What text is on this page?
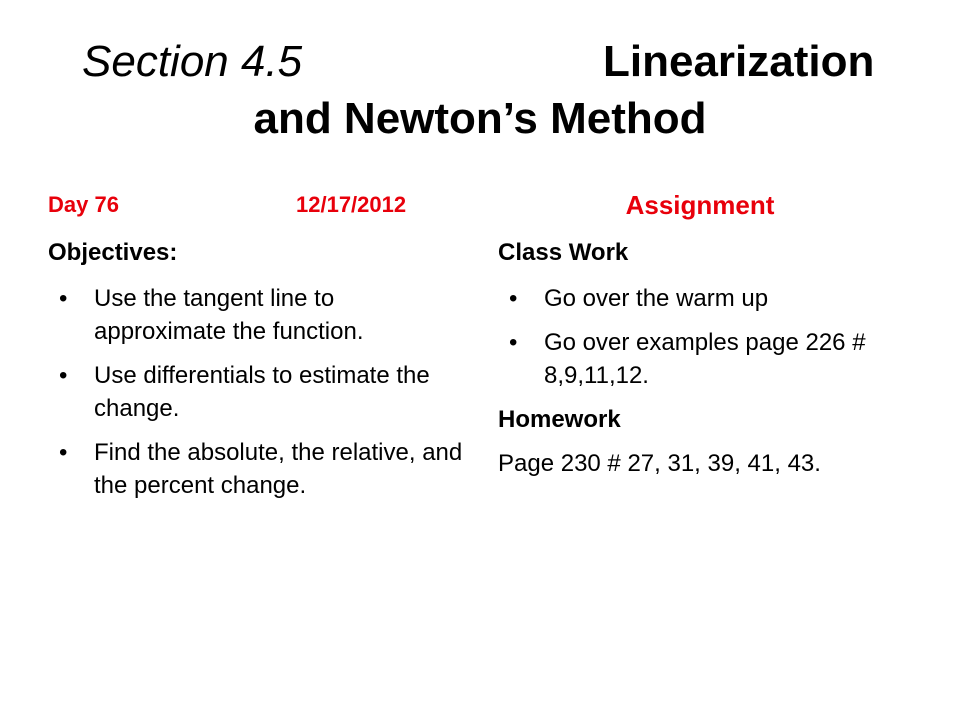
Section 4.5	Linearization
and Newton’s Method
Day 76	12/17/2012	Assignment
Objectives:
• Use the tangent line to approximate the function.
• Use differentials to estimate the change.
• Find the absolute, the relative, and the percent change.
Class Work
• Go over the warm up
• Go over examples page 226 # 8,9,11,12.
Homework

Page 230 # 27, 31, 39, 41, 43.
